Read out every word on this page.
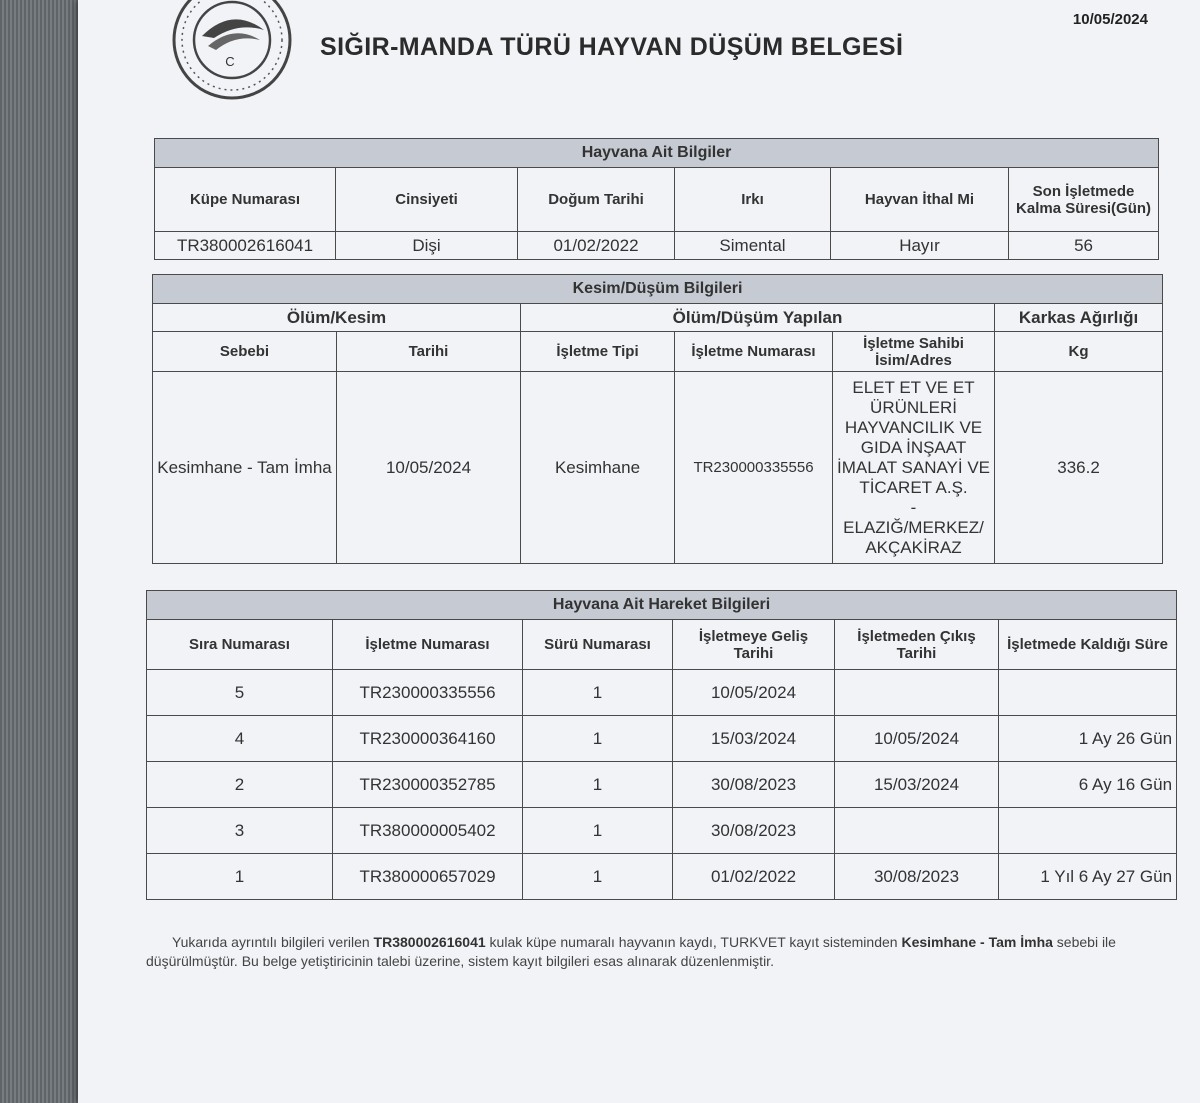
C
10/05/2024
SIĞIR-MANDA TÜRÜ HAYVAN DÜŞÜM BELGESİ
Hayvana Ait Bilgiler					
Küpe Numarası	Cinsiyeti	Doğum Tarihi	Irkı	Hayvan İthal Mi	Son İşletmede Kalma Süresi(Gün)
TR380002616041	Dişi	01/02/2022	Simental	Hayır	56
Kesim/Düşüm Bilgileri					
Ölüm/Kesim		Ölüm/Düşüm Yapılan			Karkas Ağırlığı
Sebebi	Tarihi	İşletme Tipi	İşletme Numarası	İşletme Sahibi İsim/Adres	Kg
Kesimhane - Tam İmha	10/05/2024	Kesimhane	TR230000335556	ELET ET VE ET ÜRÜNLERİ HAYVANCILIK VE GIDA İNŞAAT İMALAT SANAYİ VE TİCARET A.Ş.
-
ELAZIĞ/MERKEZ/ AKÇAKİRAZ	336.2
Hayvana Ait Hareket Bilgileri					
Sıra Numarası	İşletme Numarası	Sürü Numarası	İşletmeye Geliş Tarihi	İşletmeden Çıkış Tarihi	İşletmede Kaldığı Süre
5	TR230000335556	1	10/05/2024		
4	TR230000364160	1	15/03/2024	10/05/2024	1 Ay 26 Gün
2	TR230000352785	1	30/08/2023	15/03/2024	6 Ay 16 Gün
3	TR380000005402	1	30/08/2023		
1	TR380000657029	1	01/02/2022	30/08/2023	1 Yıl 6 Ay 27 Gün
Yukarıda ayrıntılı bilgileri verilen TR380002616041 kulak küpe numaralı hayvanın kaydı, TURKVET kayıt sisteminden Kesimhane - Tam İmha sebebi ile düşürülmüştür. Bu belge yetiştiricinin talebi üzerine, sistem kayıt bilgileri esas alınarak düzenlenmiştir.
